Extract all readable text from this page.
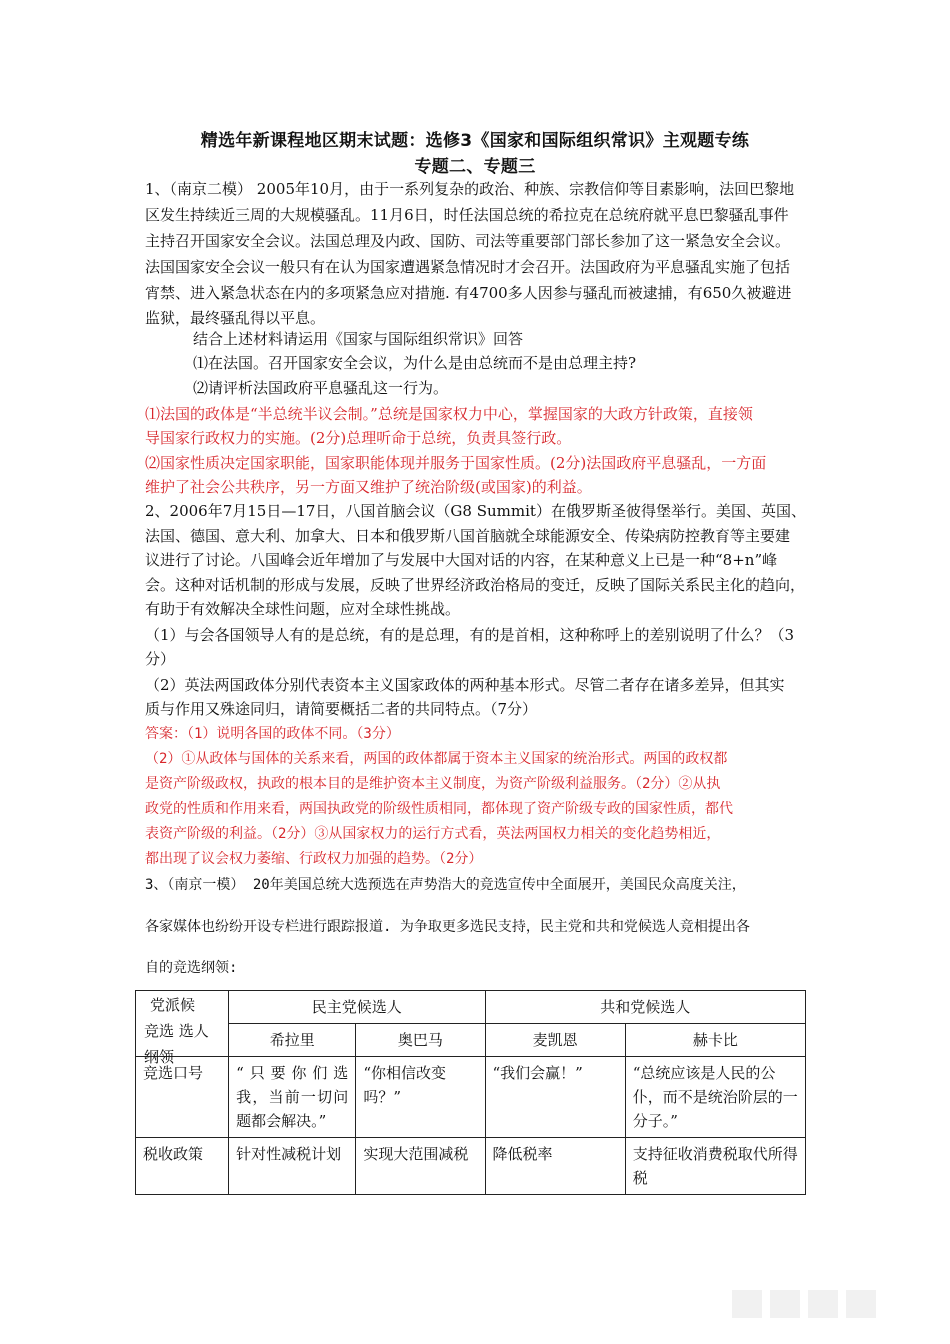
精选年新课程地区期末试题：选修3《国家和国际组织常识》主观题专练
专题二、专题三
1、（南京二模） 2005年10月，由于一系列复杂的政治、种族、宗教信仰等目素影响，法回巴黎地
区发生持续近三周的大规模骚乱。11月6日，时任法国总统的希拉克在总统府就平息巴黎骚乱事件
主持召开国家安全会议。法国总理及内政、国防、司法等重要部门部长参加了这一紧急安全会议。
法国国家安全会议一般只有在认为国家遭遇紧急情况时才会召开。法国政府为平息骚乱实施了包括
宵禁、进入紧急状态在内的多项紧急应对措施. 有4700多人因参与骚乱而被逮捕，有650久被避进
监狱，最终骚乱得以平息。
结合上述材料请运用《国家与国际组织常识》回答
⑴在法国。召开国家安全会议，为什么是由总统而不是由总理主持?
⑵请评析法国政府平息骚乱这一行为。
⑴法国的政体是“半总统半议会制。”总统是国家权力中心，掌握国家的大政方针政策，直接领
导国家行政权力的实施。(2分)总理听命于总统，负责具签行政。
⑵国家性质决定国家职能，国家职能体现并服务于国家性质。(2分)法国政府平息骚乱，一方面
维护了社会公共秩序，另一方面又维护了统治阶级(或国家)的利益。
2、2006年7月15日—17日，八国首脑会议（G8 Summit）在俄罗斯圣彼得堡举行。美国、英国、
法国、德国、意大利、加拿大、日本和俄罗斯八国首脑就全球能源安全、传染病防控教育等主要建
议进行了讨论。八国峰会近年增加了与发展中大国对话的内容，在某种意义上已是一种“8+n”峰
会。这种对话机制的形成与发展，反映了世界经济政治格局的变迁，反映了国际关系民主化的趋向，
有助于有效解决全球性问题，应对全球性挑战。
（1）与会各国领导人有的是总统，有的是总理，有的是首相，这种称呼上的差别说明了什么？（3
分）
（2）英法两国政体分别代表资本主义国家政体的两种基本形式。尽管二者存在诸多差异，但其实
质与作用又殊途同归，请简要概括二者的共同特点。（7分）
答案：（1）说明各国的政体不同。（3分）
（2）①从政体与国体的关系来看，两国的政体都属于资本主义国家的统治形式。两国的政权都
是资产阶级政权，执政的根本目的是维护资本主义制度，为资产阶级利益服务。（2分）②从执
政党的性质和作用来看，两国执政党的阶级性质相同，都体现了资产阶级专政的国家性质，都代
表资产阶级的利益。（2分）③从国家权力的运行方式看，英法两国权力相关的变化趋势相近，
都出现了议会权力萎缩、行政权力加强的趋势。（2分）
3、（南京一模） 20年美国总统大选预选在声势浩大的竞选宣传中全面展开，美国民众高度关注，
各家媒体也纷纷开设专栏进行跟踪报道. 为争取更多选民支持，民主党和共和党候选人竞相提出各
自的竞选纲领:
党派候
竞选 选人
纲领	民主党候选人		共和党候选人	
	希拉里	奥巴马	麦凯恩	赫卡比
竞选口号	“只要你们选我，当前一切问题都会解决。”	“你相信改变吗？”	“我们会赢！”	“总统应该是人民的公仆，而不是统治阶层的一分子。”
税收政策	针对性减税计划	实现大范围减税	降低税率	支持征收消费税取代所得税
